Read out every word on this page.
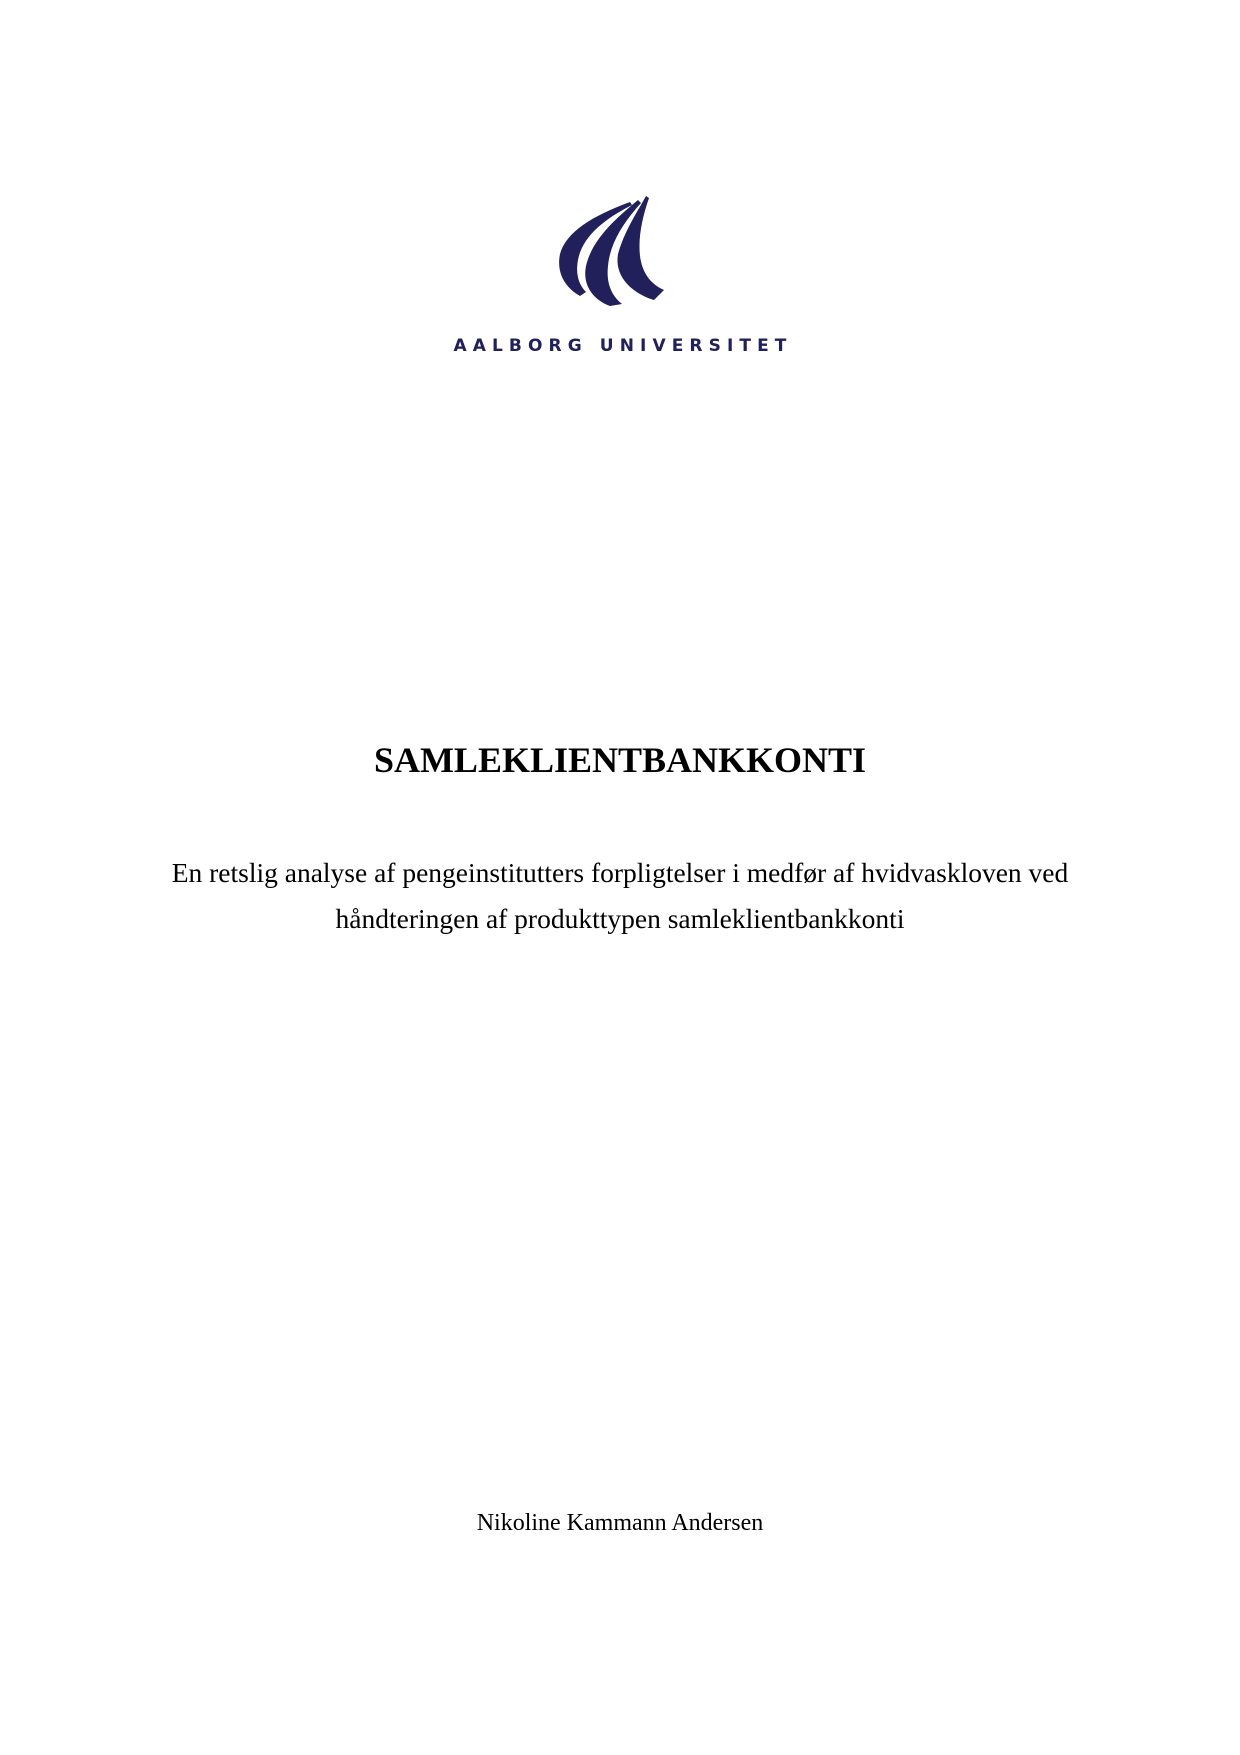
AALBORG UNIVERSITET
SAMLEKLIENTBANKKONTI

En retslig analyse af pengeinstitutters forpligtelser i medfør af hvidvaskloven ved
håndteringen af produkttypen samleklientbankkonti

Nikoline Kammann Andersen
